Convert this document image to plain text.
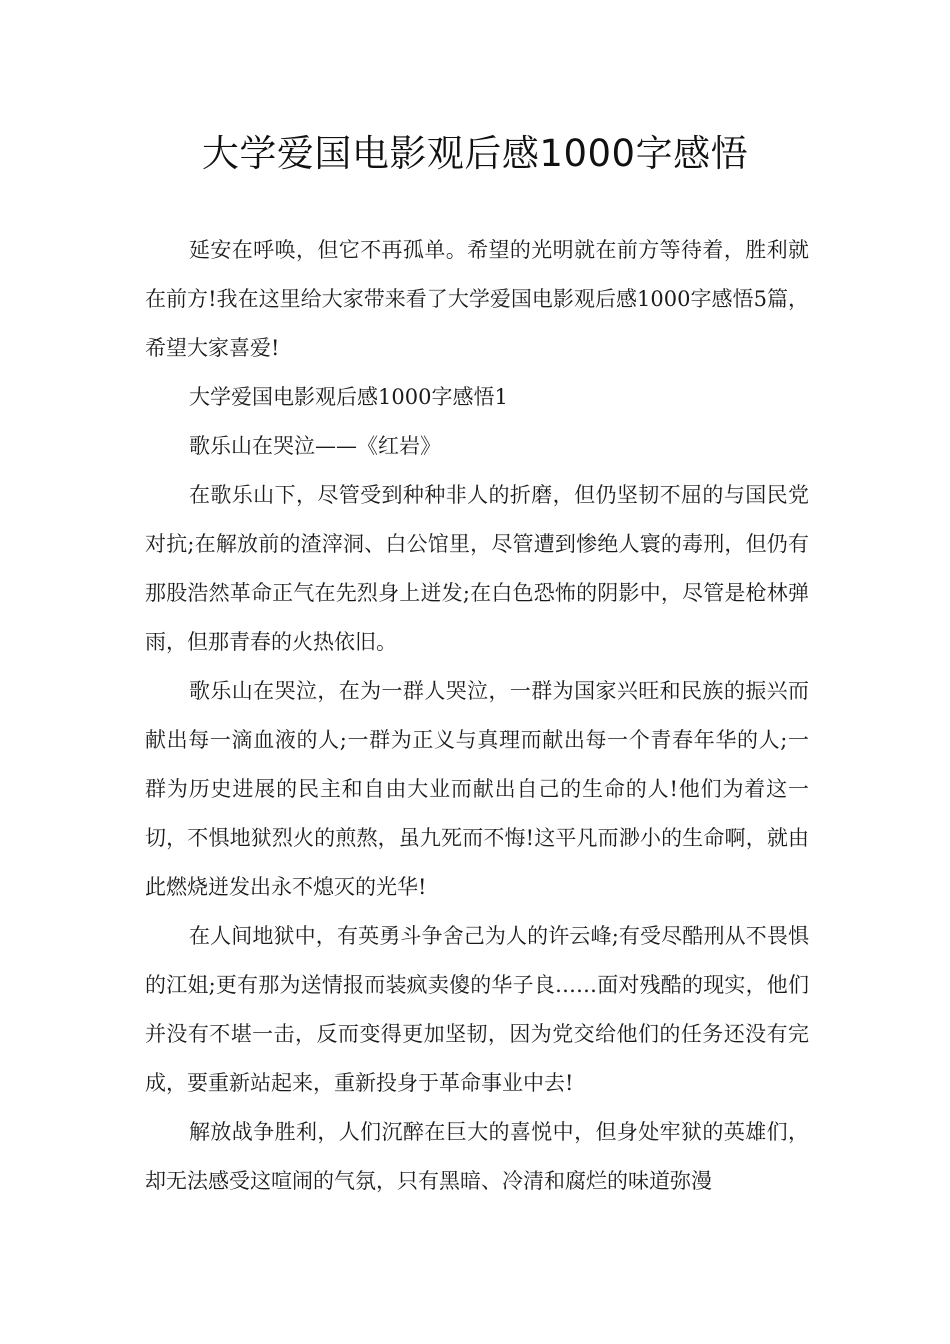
大学爱国电影观后感1000字感悟

延安在呼唤，但它不再孤单。希望的光明就在前方等待着，胜利就在前方!我在这里给大家带来看了大学爱国电影观后感1000字感悟5篇，希望大家喜爱!

大学爱国电影观后感1000字感悟1

歌乐山在哭泣——《红岩》

在歌乐山下，尽管受到种种非人的折磨，但仍坚韧不屈的与国民党对抗;在解放前的渣滓洞、白公馆里，尽管遭到惨绝人寰的毒刑，但仍有那股浩然革命正气在先烈身上迸发;在白色恐怖的阴影中，尽管是枪林弹雨，但那青春的火热依旧。

歌乐山在哭泣，在为一群人哭泣，一群为国家兴旺和民族的振兴而献出每一滴血液的人;一群为正义与真理而献出每一个青春年华的人;一群为历史进展的民主和自由大业而献出自己的生命的人!他们为着这一切，不惧地狱烈火的煎熬，虽九死而不悔!这平凡而渺小的生命啊，就由此燃烧迸发出永不熄灭的光华!

在人间地狱中，有英勇斗争舍己为人的许云峰;有受尽酷刑从不畏惧的江姐;更有那为送情报而装疯卖傻的华子良……面对残酷的现实，他们并没有不堪一击，反而变得更加坚韧，因为党交给他们的任务还没有完成，要重新站起来，重新投身于革命事业中去!

解放战争胜利，人们沉醉在巨大的喜悦中，但身处牢狱的英雄们，却无法感受这喧闹的气氛，只有黑暗、冷清和腐烂的味道弥漫
